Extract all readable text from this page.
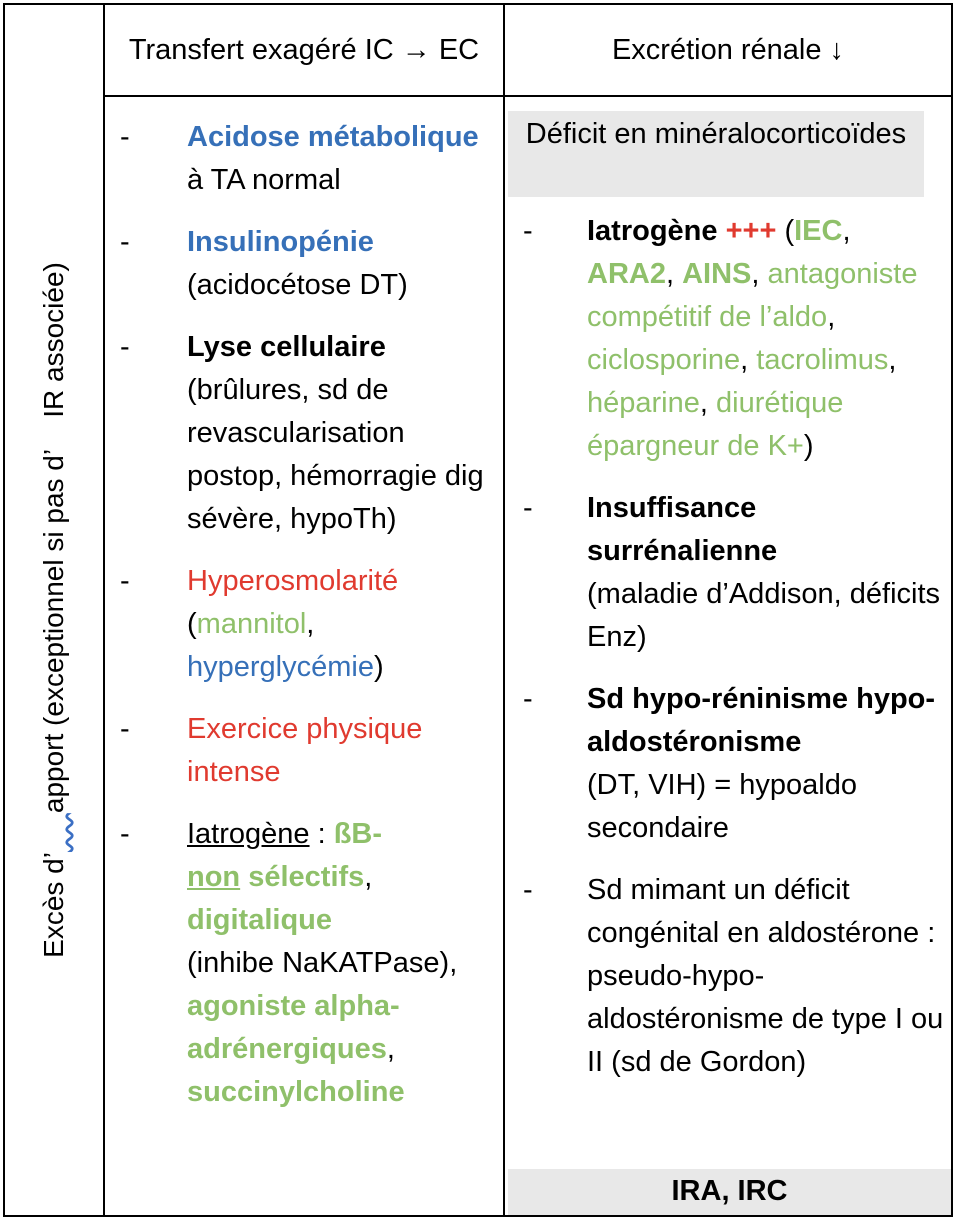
Excès d’     apport (exceptionnel si pas d’    IR associée)
Transfert exagéré IC → EC	Excrétion rénale ↓
- Acidose métabolique à TA normal
- Insulinopénie
(acidocétose DT)
- Lyse cellulaire
(brûlures, sd de revascularisation postop, hémorragie dig sévère, hypoTh)
- Hyperosmolarité
(mannitol,
hyperglycémie)
- Exercice physique intense
- Iatrogène : ßB-
non sélectifs,
digitalique
(inhibe NaKATPase),
agoniste alpha-adrénergiques,
succinylcholine
Déficit en minéralocorticoïdes
- Iatrogène +++ (IEC,
ARA2, AINS, antagoniste compétitif de l’aldo, ciclosporine, tacrolimus, héparine, diurétique épargneur de K+)
- Insuffisance surrénalienne
(maladie d’Addison, déficits Enz)
- Sd hypo-réninisme hypo-aldostéronisme
(DT, VIH) = hypoaldo secondaire
- Sd mimant un déficit congénital en aldostérone : pseudo-hypo-aldostéronisme de type I ou II (sd de Gordon)
IRA, IRC
